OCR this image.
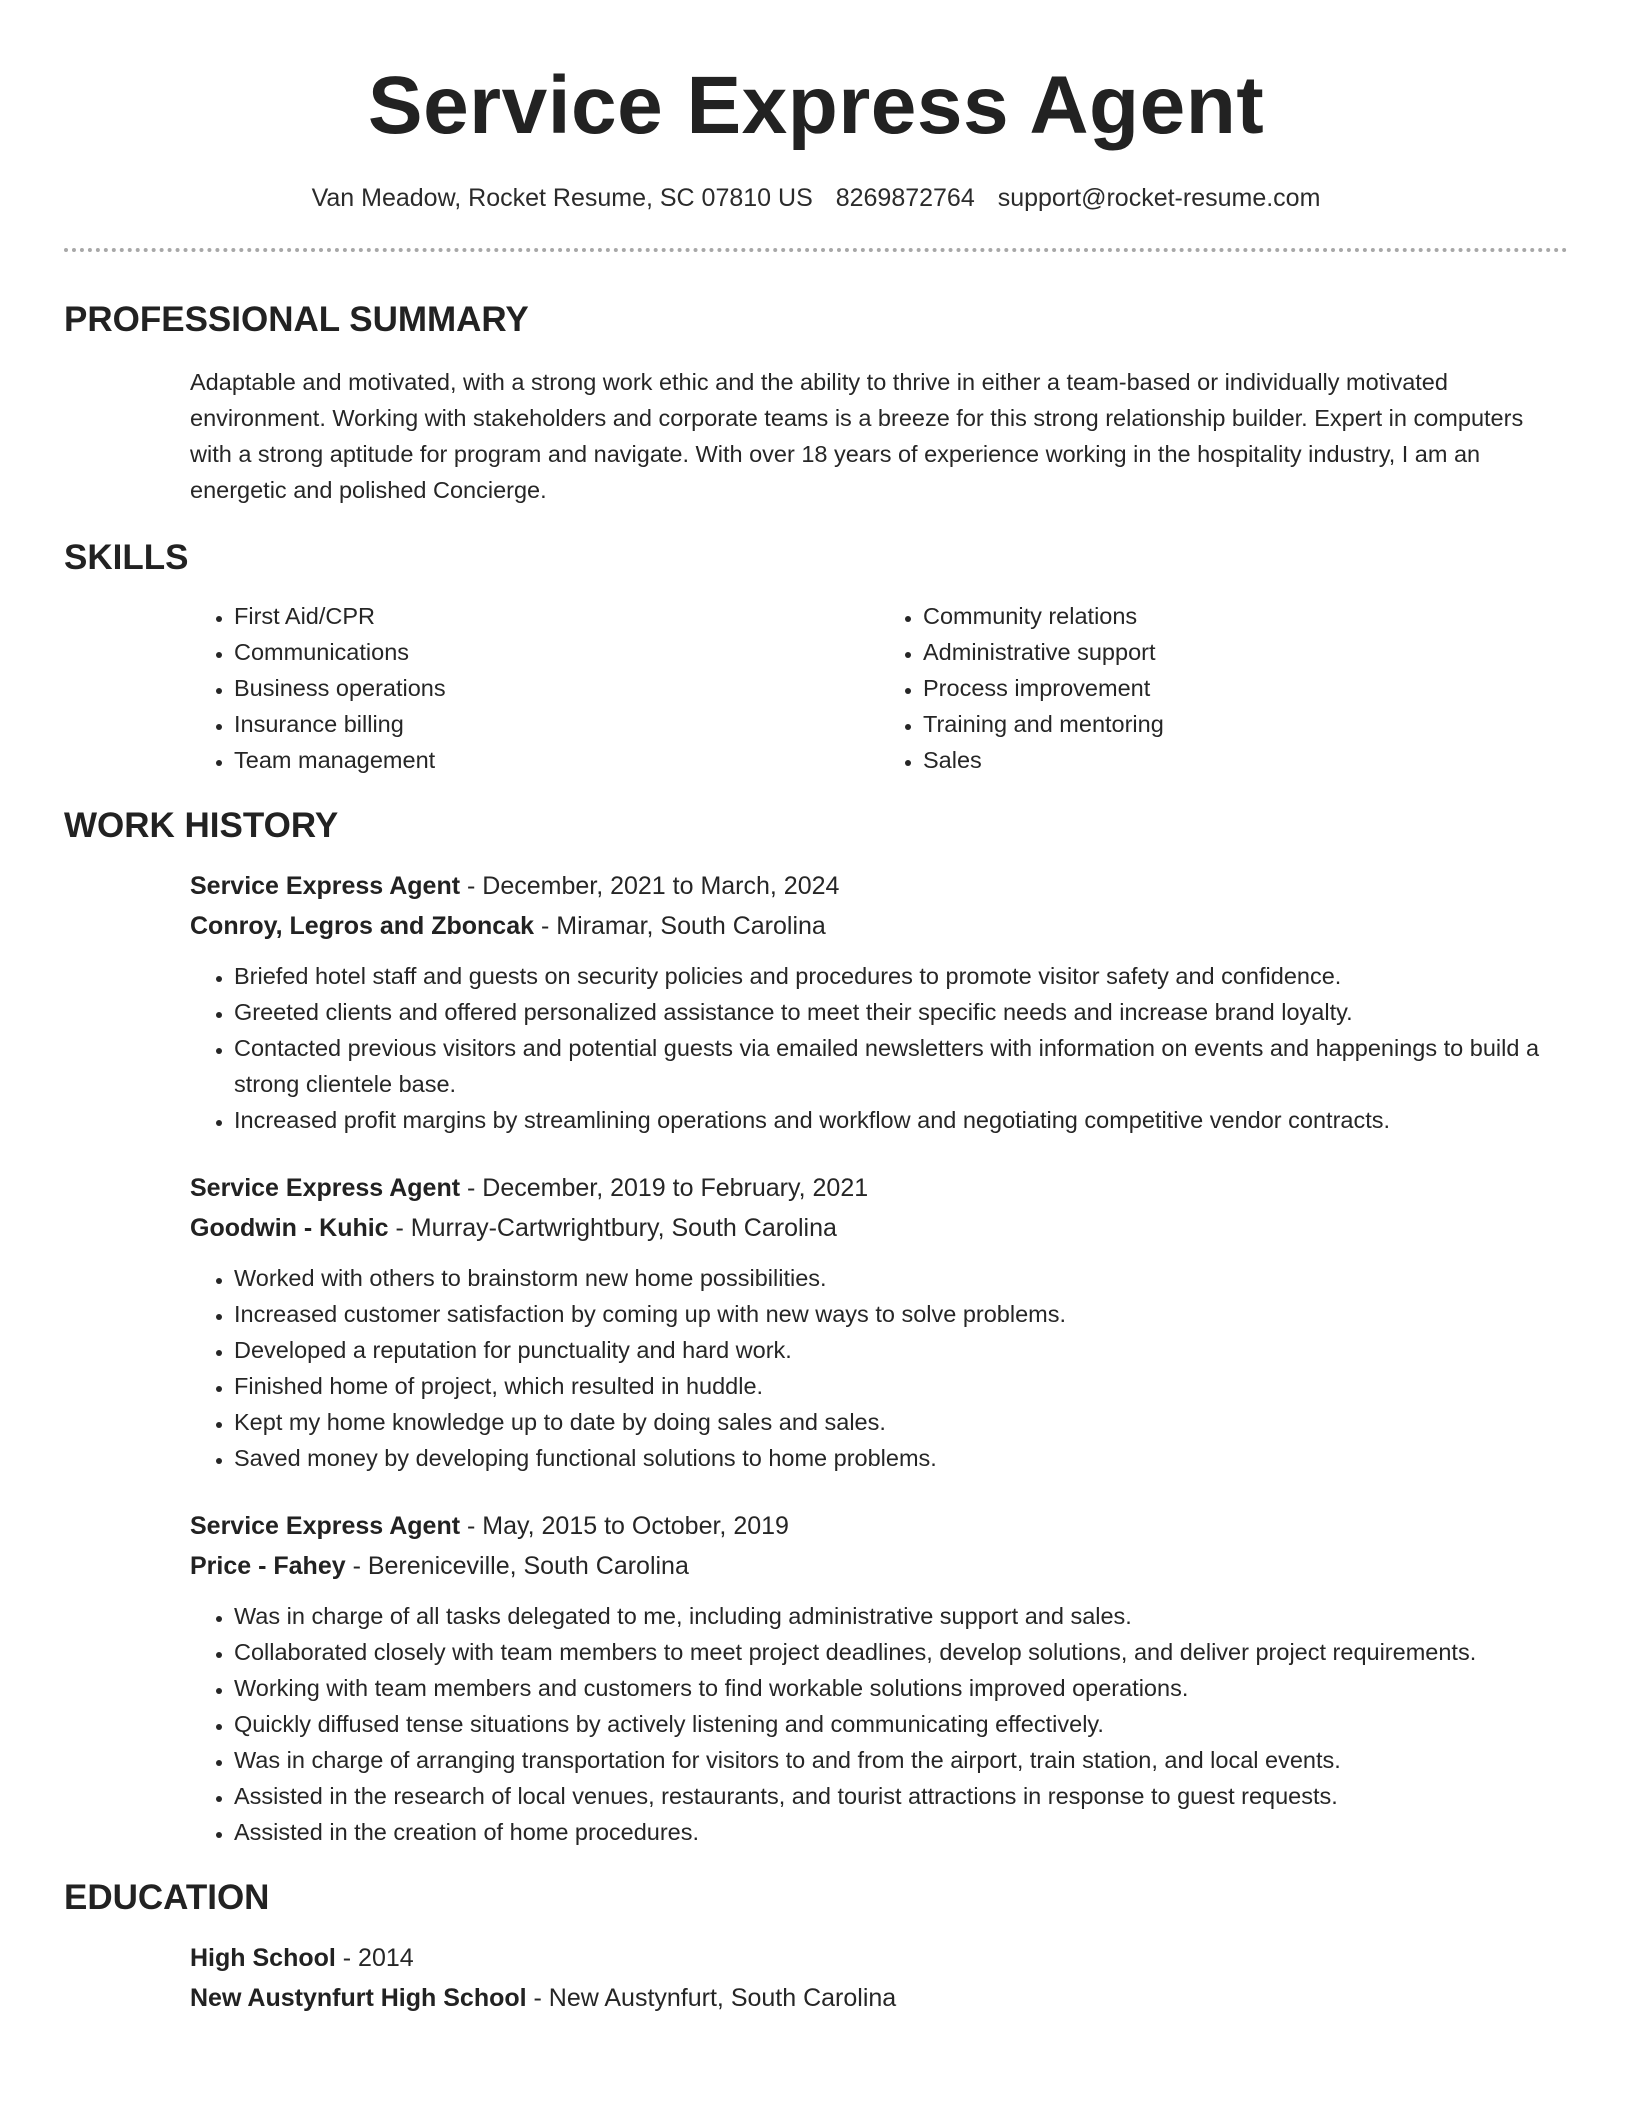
Service Express Agent
Van Meadow, Rocket Resume, SC 07810 US 8269872764 support@rocket-resume.com
PROFESSIONAL SUMMARY

Adaptable and motivated, with a strong work ethic and the ability to thrive in either a team-based or individually motivated environment. Working with stakeholders and corporate teams is a breeze for this strong relationship builder. Expert in computers with a strong aptitude for program and navigate. With over 18 years of experience working in the hospitality industry, I am an energetic and polished Concierge.

SKILLS
• First Aid/CPR
• Communications
• Business operations
• Insurance billing
• Team management
• Community relations
• Administrative support
• Process improvement
• Training and mentoring
• Sales
WORK HISTORY
Service Express Agent - December, 2021 to March, 2024
Conroy, Legros and Zboncak - Miramar, South Carolina
• Briefed hotel staff and guests on security policies and procedures to promote visitor safety and confidence.
• Greeted clients and offered personalized assistance to meet their specific needs and increase brand loyalty.
• Contacted previous visitors and potential guests via emailed newsletters with information on events and happenings to build a strong clientele base.
• Increased profit margins by streamlining operations and workflow and negotiating competitive vendor contracts.
Service Express Agent - December, 2019 to February, 2021
Goodwin - Kuhic - Murray-Cartwrightbury, South Carolina
• Worked with others to brainstorm new home possibilities.
• Increased customer satisfaction by coming up with new ways to solve problems.
• Developed a reputation for punctuality and hard work.
• Finished home of project, which resulted in huddle.
• Kept my home knowledge up to date by doing sales and sales.
• Saved money by developing functional solutions to home problems.
Service Express Agent - May, 2015 to October, 2019
Price - Fahey - Bereniceville, South Carolina
• Was in charge of all tasks delegated to me, including administrative support and sales.
• Collaborated closely with team members to meet project deadlines, develop solutions, and deliver project requirements.
• Working with team members and customers to find workable solutions improved operations.
• Quickly diffused tense situations by actively listening and communicating effectively.
• Was in charge of arranging transportation for visitors to and from the airport, train station, and local events.
• Assisted in the research of local venues, restaurants, and tourist attractions in response to guest requests.
• Assisted in the creation of home procedures.
EDUCATION
High School - 2014
New Austynfurt High School - New Austynfurt, South Carolina
